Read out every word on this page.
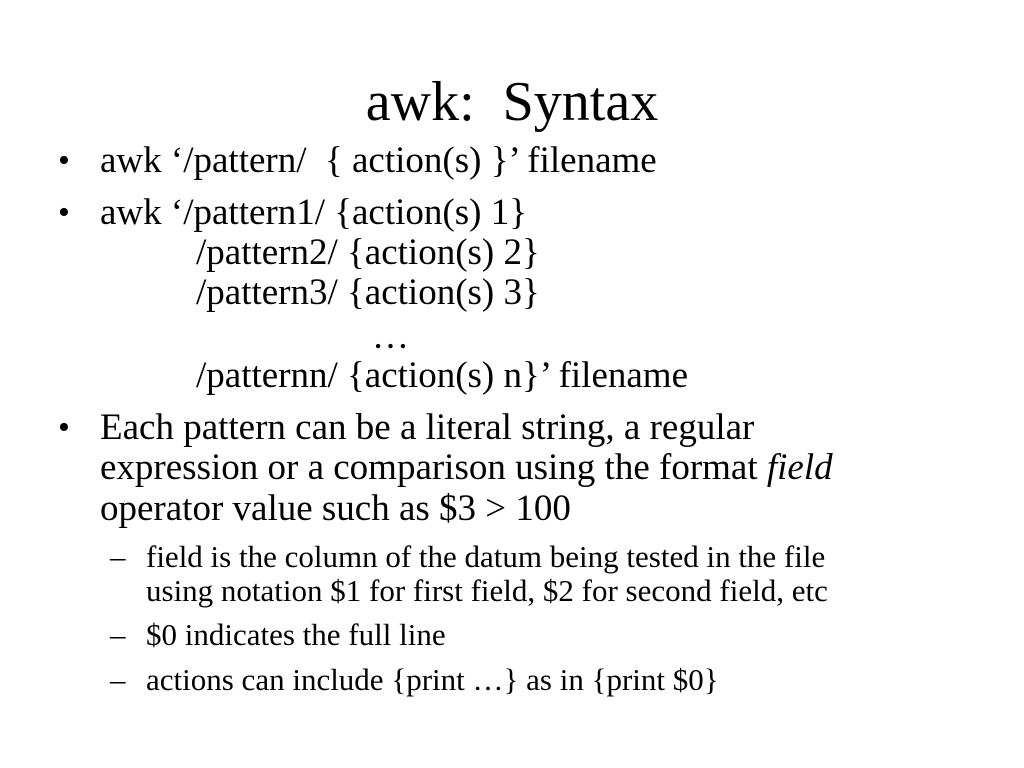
awk:  Syntax
• awk ‘/pattern/  { action(s) }’ filename
• awk ‘/pattern1/ {action(s) 1}
/pattern2/ {action(s) 2}
/pattern3/ {action(s) 3}
…
/patternn/ {action(s) n}’ filename
• Each pattern can be a literal string, a regular
expression or a comparison using the format field
operator value such as $3 > 100
– field is the column of the datum being tested in the file
using notation $1 for first field, $2 for second field, etc
– $0 indicates the full line
– actions can include {print …} as in {print $0}
